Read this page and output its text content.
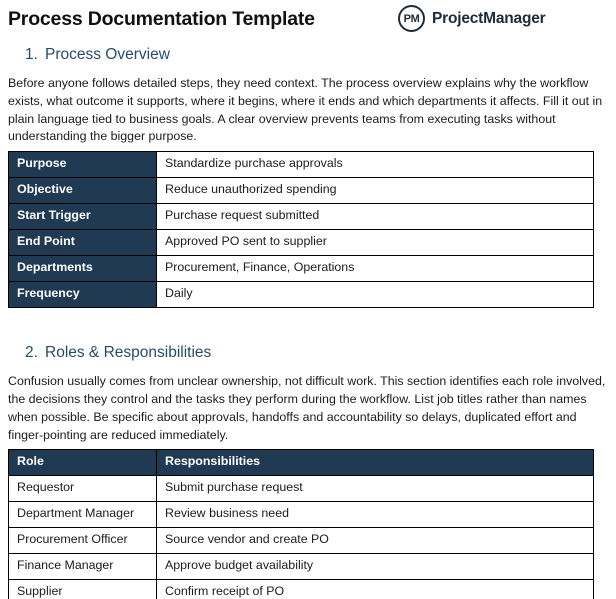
Process Documentation Template	PM ProjectManager
1. Process Overview

Before anyone follows detailed steps, they need context. The process overview explains why the workflow exists, what outcome it supports, where it begins, where it ends and which departments it affects. Fill it out in plain language tied to business goals. A clear overview prevents teams from executing tasks without understanding the bigger purpose.

Purpose	Standardize purchase approvals
Objective	Reduce unauthorized spending
Start Trigger	Purchase request submitted
End Point	Approved PO sent to supplier
Departments	Procurement, Finance, Operations
Frequency	Daily
2. Roles & Responsibilities

Confusion usually comes from unclear ownership, not difficult work. This section identifies each role involved, the decisions they control and the tasks they perform during the workflow. List job titles rather than names when possible. Be specific about approvals, handoffs and accountability so delays, duplicated effort and finger-pointing are reduced immediately.

Role	Responsibilities
Requestor	Submit purchase request
Department Manager	Review business need
Procurement Officer	Source vendor and create PO
Finance Manager	Approve budget availability
Supplier	Confirm receipt of PO
